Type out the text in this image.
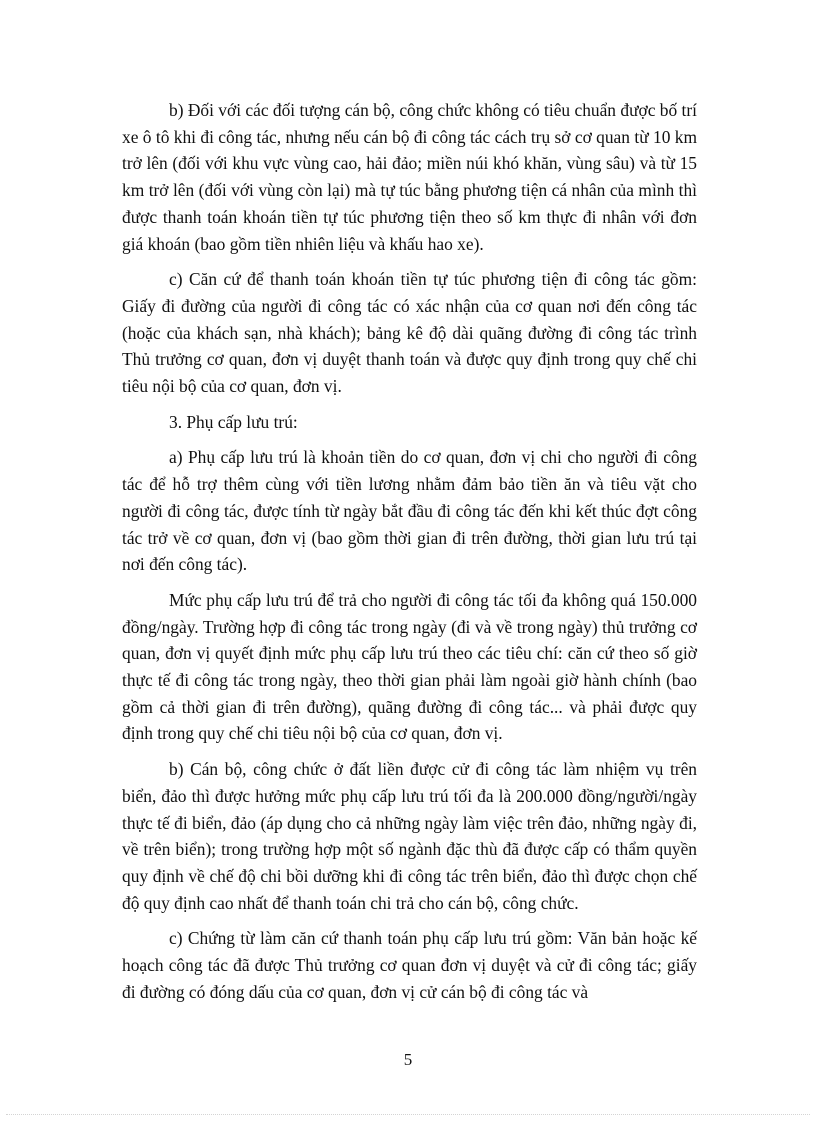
b) Đối với các đối tượng cán bộ, công chức không có tiêu chuẩn được bố trí xe ô tô khi đi công tác, nhưng nếu cán bộ đi công tác cách trụ sở cơ quan từ 10 km trở lên (đối với khu vực vùng cao, hải đảo; miền núi khó khăn, vùng sâu) và từ 15 km trở lên (đối với vùng còn lại) mà tự túc bằng phương tiện cá nhân của mình thì được thanh toán khoán tiền tự túc phương tiện theo số km thực đi nhân với đơn giá khoán (bao gồm tiền nhiên liệu và khấu hao xe).

c) Căn cứ để thanh toán khoán tiền tự túc phương tiện đi công tác gồm: Giấy đi đường của người đi công tác có xác nhận của cơ quan nơi đến công tác (hoặc của khách sạn, nhà khách); bảng kê độ dài quãng đường đi công tác trình Thủ trưởng cơ quan, đơn vị duyệt thanh toán và được quy định trong quy chế chi tiêu nội bộ của cơ quan, đơn vị.

3. Phụ cấp lưu trú:

a) Phụ cấp lưu trú là khoản tiền do cơ quan, đơn vị chi cho người đi công tác để hỗ trợ thêm cùng với tiền lương nhằm đảm bảo tiền ăn và tiêu vặt cho người đi công tác, được tính từ ngày bắt đầu đi công tác đến khi kết thúc đợt công tác trở về cơ quan, đơn vị (bao gồm thời gian đi trên đường, thời gian lưu trú tại nơi đến công tác).

Mức phụ cấp lưu trú để trả cho người đi công tác tối đa không quá 150.000 đồng/ngày. Trường hợp đi công tác trong ngày (đi và về trong ngày) thủ trưởng cơ quan, đơn vị quyết định mức phụ cấp lưu trú theo các tiêu chí: căn cứ theo số giờ thực tế đi công tác trong ngày, theo thời gian phải làm ngoài giờ hành chính (bao gồm cả thời gian đi trên đường), quãng đường đi công tác... và phải được quy định trong quy chế chi tiêu nội bộ của cơ quan, đơn vị.

b) Cán bộ, công chức ở đất liền được cử đi công tác làm nhiệm vụ trên biển, đảo thì được hưởng mức phụ cấp lưu trú tối đa là 200.000 đồng/người/ngày thực tế đi biển, đảo (áp dụng cho cả những ngày làm việc trên đảo, những ngày đi, về trên biển); trong trường hợp một số ngành đặc thù đã được cấp có thẩm quyền quy định về chế độ chi bồi dưỡng khi đi công tác trên biển, đảo thì được chọn chế độ quy định cao nhất để thanh toán chi trả cho cán bộ, công chức.

c) Chứng từ làm căn cứ thanh toán phụ cấp lưu trú gồm: Văn bản hoặc kế hoạch công tác đã được Thủ trưởng cơ quan đơn vị duyệt và cử đi công tác; giấy đi đường có đóng dấu của cơ quan, đơn vị cử cán bộ đi công tác và

5
